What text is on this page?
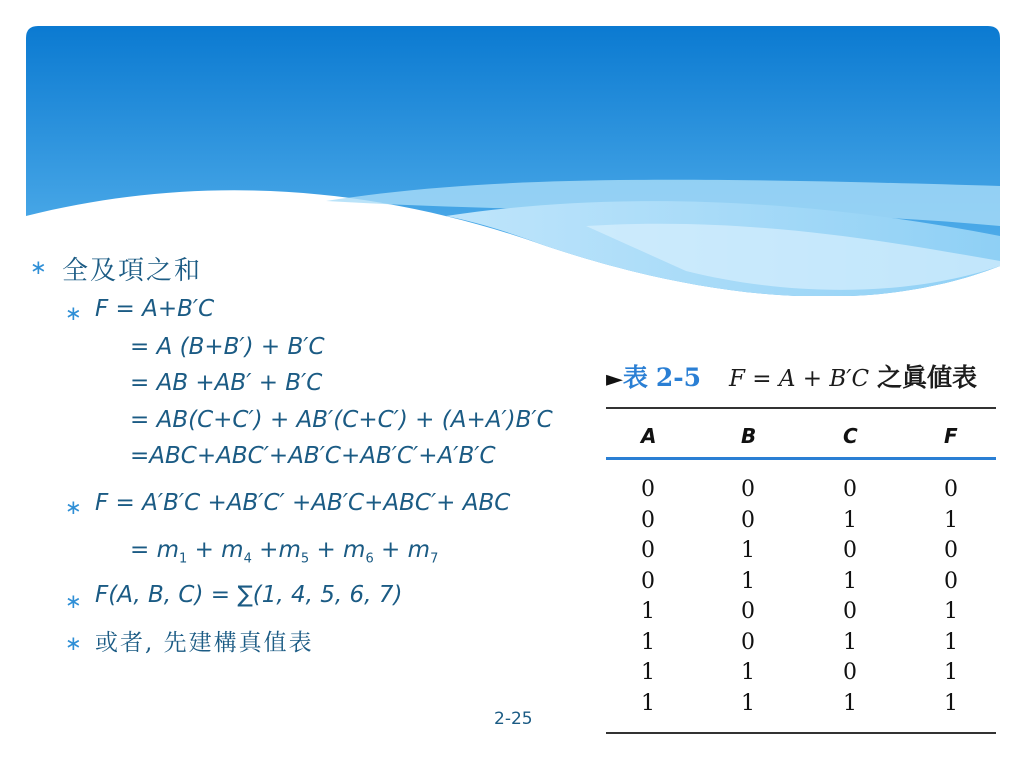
∗ 全及項之和
∗ F = A+B′C
= A (B+B′) + B′C
= AB +AB′ + B′C
= AB(C+C′) + AB′(C+C′) + (A+A′)B′C
=ABC+ABC′+AB′C+AB′C′+A′B′C
∗ F = A′B′C +AB′C′ +AB′C+ABC′+ ABC
= $m_1 + m_4 +m_5 + m_6 + m_7$
∗ F(A, B, C) = ∑(1, 4, 5, 6, 7)
∗ 或者, 先建構真值表
2-25
►表 2-5 F = A + B′C 之眞値表
A	B	C	F
0	0	0	0
0	0	1	1
0	1	0	0
0	1	1	0
1	0	0	1
1	0	1	1
1	1	0	1
1	1	1	1
